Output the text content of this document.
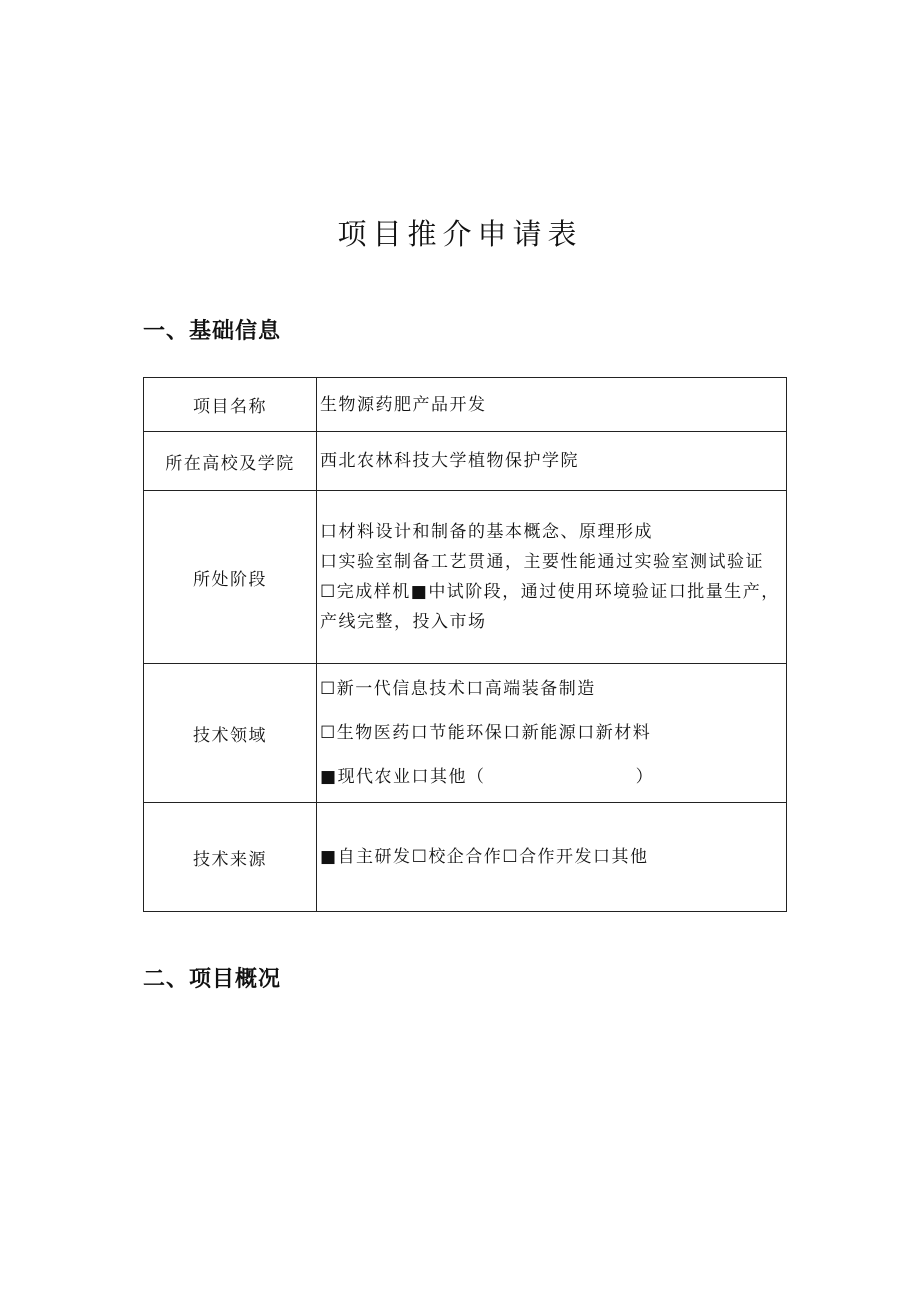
项目推介申请表
一、基础信息
项目名称	生物源药肥产品开发
所在高校及学院	西北农林科技大学植物保护学院
所处阶段	口材料设计和制备的基本概念、原理形成
口实验室制备工艺贯通，主要性能通过实验室测试验证
☐完成样机■中试阶段，通过使用环境验证口批量生产，产线完整，投入市场

技术领域	☐新一代信息技术口高端装备制造
☐生物医药口节能环保口新能源口新材料
■现代农业口其他（ ）

技术来源	■自主研发☐校企合作☐合作开发口其他
二、项目概况
